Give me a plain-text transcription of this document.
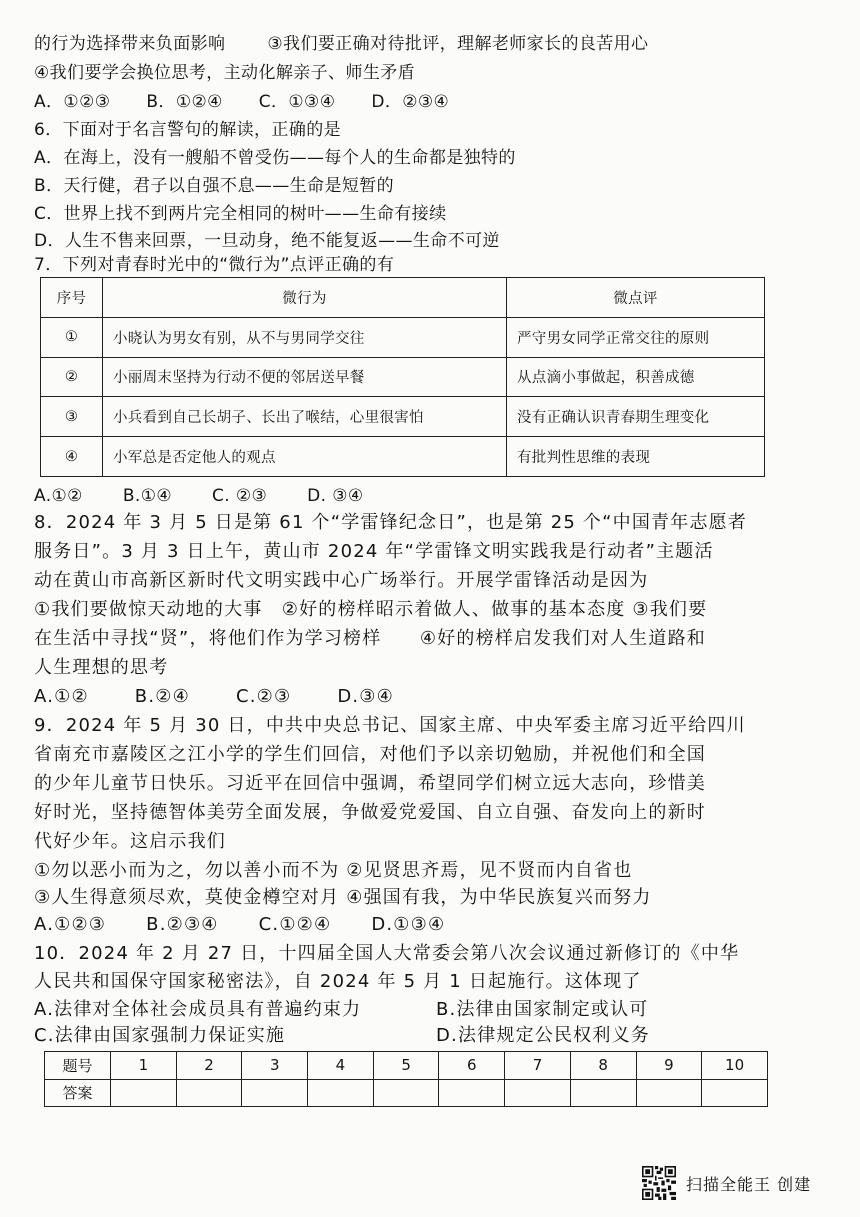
的行为选择带来负面影响 ③我们要正确对待批评，理解老师家长的良苦用心
④我们要学会换位思考，主动化解亲子、师生矛盾
A．①②③ B．①②④ C．①③④ D．②③④
6．下面对于名言警句的解读，正确的是
A．在海上，没有一艘船不曾受伤——每个人的生命都是独特的
B．天行健，君子以自强不息——生命是短暂的
C．世界上找不到两片完全相同的树叶——生命有接续
D．人生不售来回票，一旦动身，绝不能复返——生命不可逆
7．下列对青春时光中的“微行为”点评正确的有
序号	微行为	微点评
①	小晓认为男女有别，从不与男同学交往	严守男女同学正常交往的原则
②	小丽周末坚持为行动不便的邻居送早餐	从点滴小事做起，积善成德
③	小兵看到自己长胡子、长出了喉结，心里很害怕	没有正确认识青春期生理变化
④	小军总是否定他人的观点	有批判性思维的表现
A.①② B.①④ C. ②③ D. ③④
8．2024 年 3 月 5 日是第 61 个“学雷锋纪念日”，也是第 25 个“中国青年志愿者
服务日”。3 月 3 日上午，黄山市 2024 年“学雷锋文明实践我是行动者”主题活
动在黄山市高新区新时代文明实践中心广场举行。开展学雷锋活动是因为
①我们要做惊天动地的大事　②好的榜样昭示着做人、做事的基本态度 ③我们要
在生活中寻找“贤”，将他们作为学习榜样　　④好的榜样启发我们对人生道路和
人生理想的思考
A.①②	B.②④	C.②③	D.③④
9．2024 年 5 月 30 日，中共中央总书记、国家主席、中央军委主席习近平给四川
省南充市嘉陵区之江小学的学生们回信，对他们予以亲切勉励，并祝他们和全国
的少年儿童节日快乐。习近平在回信中强调，希望同学们树立远大志向，珍惜美
好时光，坚持德智体美劳全面发展，争做爱党爱国、自立自强、奋发向上的新时
代好少年。这启示我们
①勿以恶小而为之，勿以善小而不为 ②见贤思齐焉，见不贤而内自省也
③人生得意须尽欢，莫使金樽空对月 ④强国有我，为中华民族复兴而努力
A.①②③ B.②③④ C.①②④ D.①③④
10．2024 年 2 月 27 日，十四届全国人大常委会第八次会议通过新修订的《中华
人民共和国保守国家秘密法》，自 2024 年 5 月 1 日起施行。这体现了
A.法律对全体社会成员具有普遍约束力	B.法律由国家制定或认可
C.法律由国家强制力保证实施	D.法律规定公民权利义务
题号	1	2	3	4	5	6	7	8	9	10
答案										
扫描全能王 创建
